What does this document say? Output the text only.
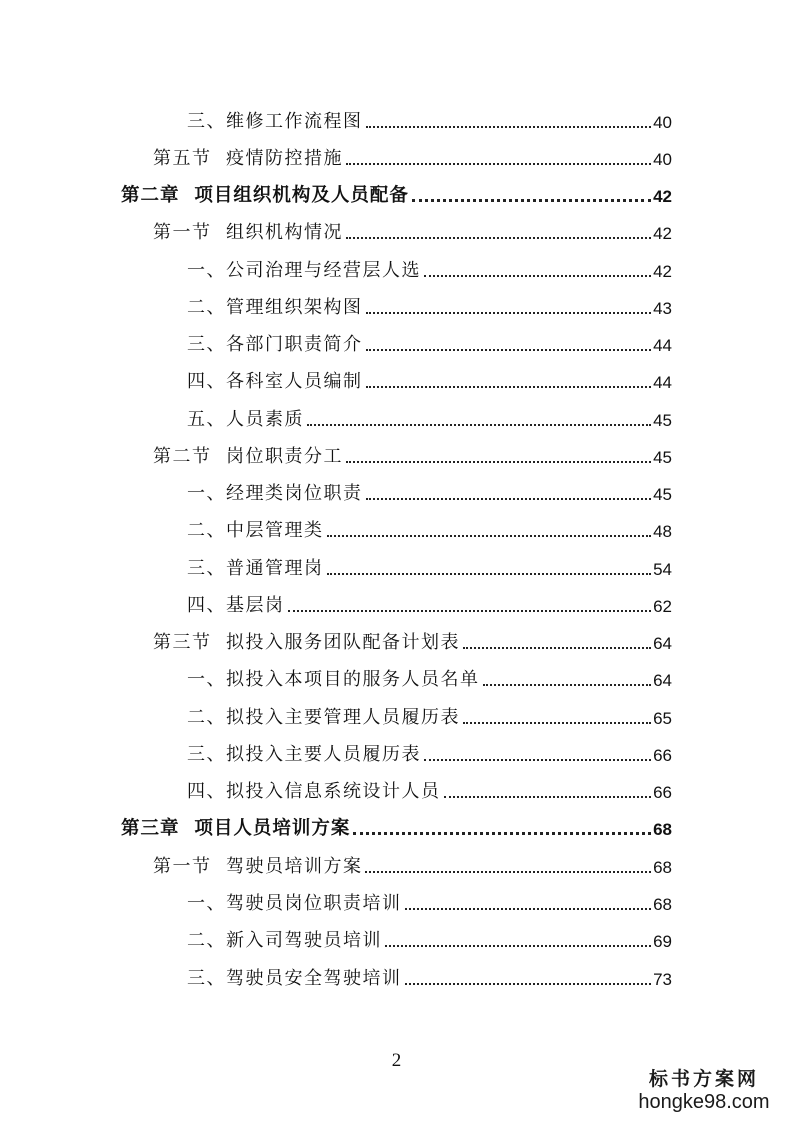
三、维修工作流程图	40
第五节  疫情防控措施	40
第二章  项目组织机构及人员配备	42
第一节  组织机构情况	42
一、公司治理与经营层人选	42
二、管理组织架构图	43
三、各部门职责简介	44
四、各科室人员编制	44
五、人员素质	45
第二节  岗位职责分工	45
一、经理类岗位职责	45
二、中层管理类	48
三、普通管理岗	54
四、基层岗	62
第三节  拟投入服务团队配备计划表	64
一、拟投入本项目的服务人员名单	64
二、拟投入主要管理人员履历表	65
三、拟投入主要人员履历表	66
四、拟投入信息系统设计人员	66
第三章  项目人员培训方案	68
第一节  驾驶员培训方案	68
一、驾驶员岗位职责培训	68
二、新入司驾驶员培训	69
三、驾驶员安全驾驶培训	73
2
标书方案网
hongke98.com
